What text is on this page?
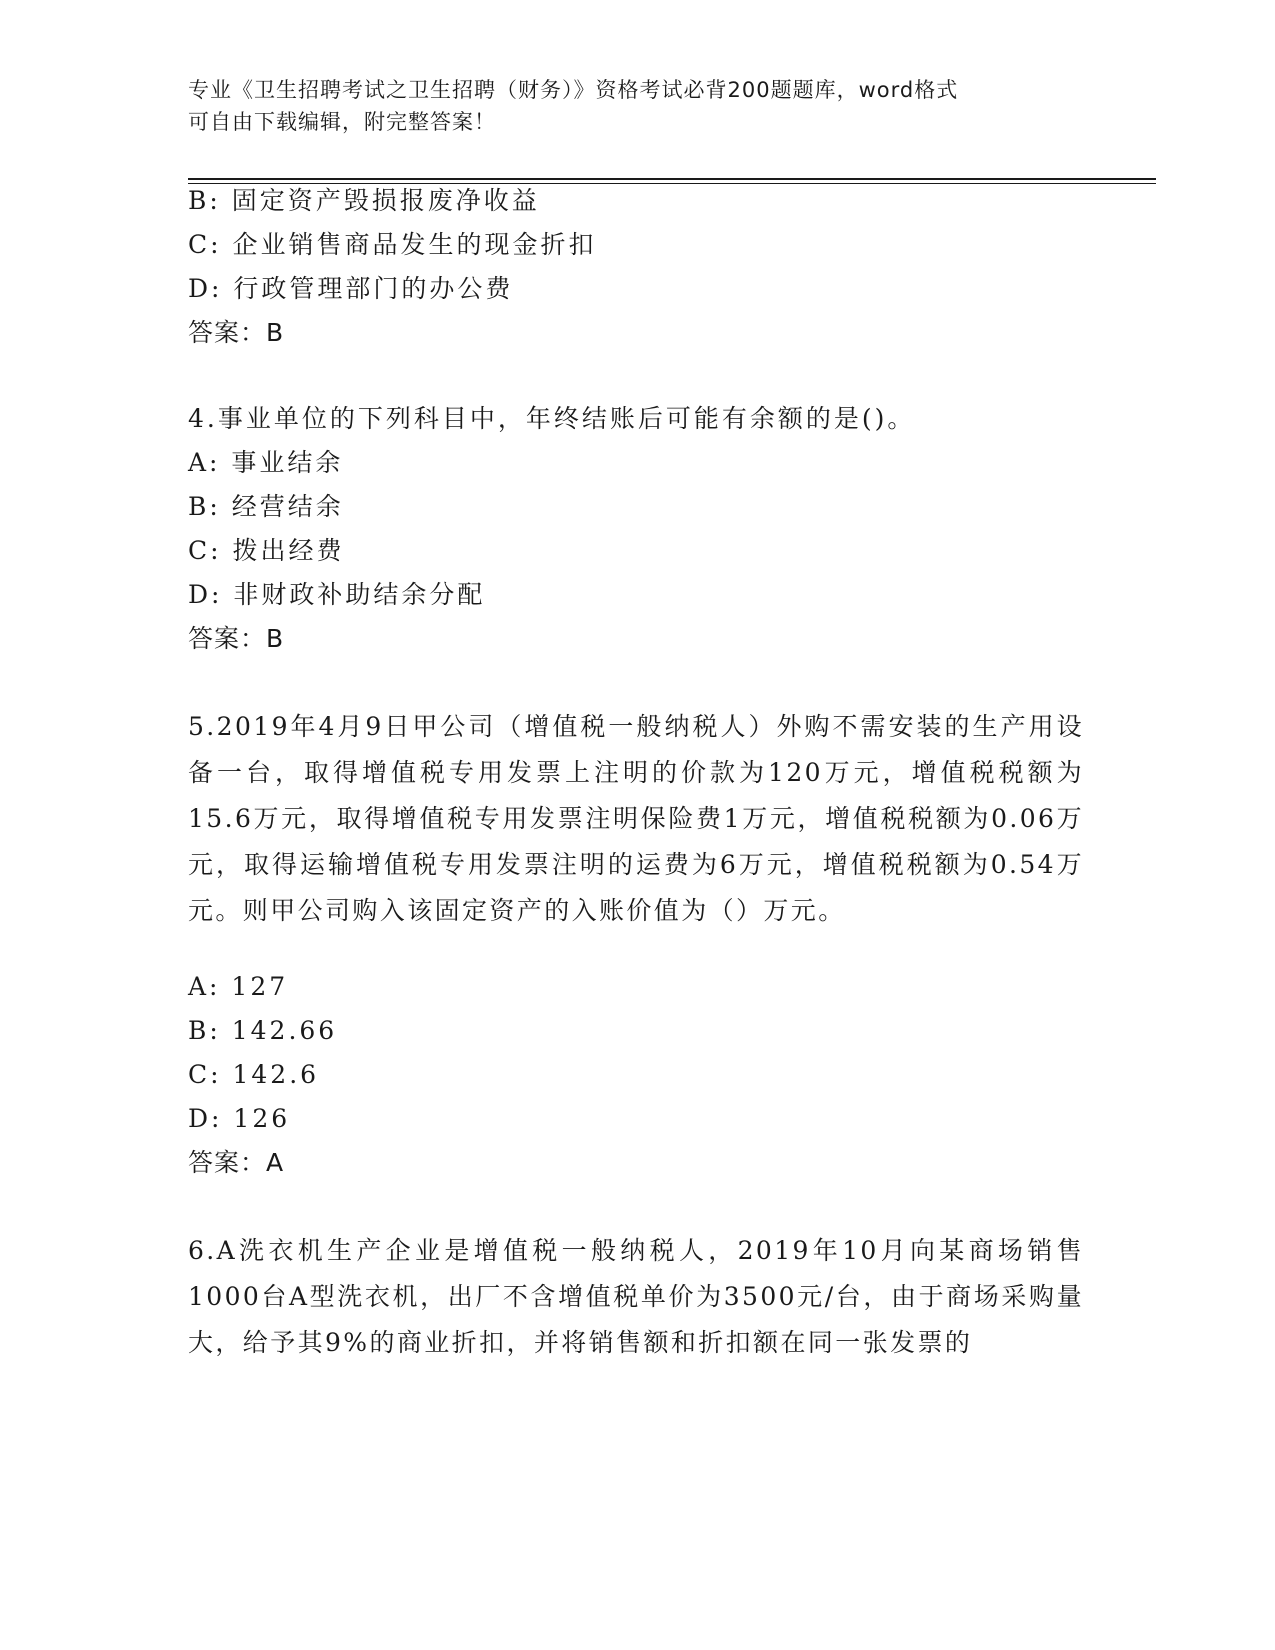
专业《卫生招聘考试之卫生招聘（财务）》资格考试必背200题题库，word格式
可自由下载编辑，附完整答案！
B: 固定资产毁损报废净收益
C: 企业销售商品发生的现金折扣
D: 行政管理部门的办公费
答案：B
4.事业单位的下列科目中，年终结账后可能有余额的是()。
A: 事业结余
B: 经营结余
C: 拨出经费
D: 非财政补助结余分配
答案：B
5.2019年4月9日甲公司（增值税一般纳税人）外购不需安装的生产用设备一台，取得增值税专用发票上注明的价款为120万元，增值税税额为15.6万元，取得增值税专用发票注明保险费1万元，增值税税额为0.06万元，取得运输增值税专用发票注明的运费为6万元，增值税税额为0.54万元。则甲公司购入该固定资产的入账价值为（）万元。
A: 127
B: 142.66
C: 142.6
D: 126
答案：A
6.A洗衣机生产企业是增值税一般纳税人，2019年10月向某商场销售1000台A型洗衣机，出厂不含增值税单价为3500元/台，由于商场采购量大，给予其9%的商业折扣，并将销售额和折扣额在同一张发票的
